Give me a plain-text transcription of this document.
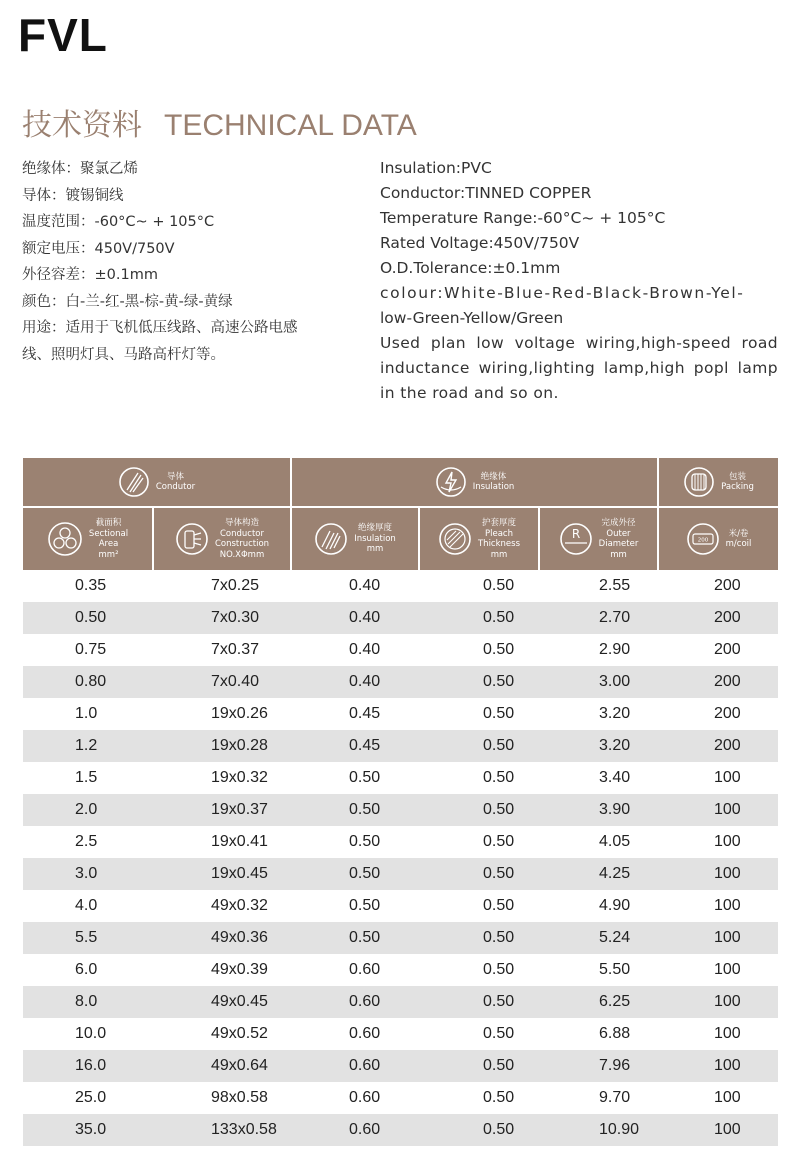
FVL
技术资料 TECHNICAL DATA
绝缘体：聚氯乙烯
导体：镀锡铜线
温度范围：-60°C~ + 105°C
额定电压：450V/750V
外径容差：±0.1mm
颜色：白-兰-红-黑-棕-黄-绿-黄绿
用途：适用于飞机低压线路、高速公路电感
线、照明灯具、马路高杆灯等。
Insulation:PVC
Conductor:TINNED COPPER
Temperature Range:-60°C~ + 105°C
Rated Voltage:450V/750V
O.D.Tolerance:±0.1mm
colour:White-Blue-Red-Black-Brown-Yel-
low-Green-Yellow/Green
Used plan low voltage wiring,high-speed road inductance wiring,lighting lamp,high popl lamp in the road and so on.
导体
Condutor		绝缘体
Insulation			包装
Packing

截面积
Sectional
Area
mm²	导体构造
Conductor
Construction
NO.XΦmm	绝缘厚度
Insulation
mm	护套厚度
Pleach
Thickness
mm	R
完成外径
Outer
Diameter
mm	200
米/卷
m/coil

0.35	7x0.25	0.40	0.50	2.55	200
0.50	7x0.30	0.40	0.50	2.70	200
0.75	7x0.37	0.40	0.50	2.90	200
0.80	7x0.40	0.40	0.50	3.00	200
1.0	19x0.26	0.45	0.50	3.20	200
1.2	19x0.28	0.45	0.50	3.20	200
1.5	19x0.32	0.50	0.50	3.40	100
2.0	19x0.37	0.50	0.50	3.90	100
2.5	19x0.41	0.50	0.50	4.05	100
3.0	19x0.45	0.50	0.50	4.25	100
4.0	49x0.32	0.50	0.50	4.90	100
5.5	49x0.36	0.50	0.50	5.24	100
6.0	49x0.39	0.60	0.50	5.50	100
8.0	49x0.45	0.60	0.50	6.25	100
10.0	49x0.52	0.60	0.50	6.88	100
16.0	49x0.64	0.60	0.50	7.96	100
25.0	98x0.58	0.60	0.50	9.70	100
35.0	133x0.58	0.60	0.50	10.90	100
